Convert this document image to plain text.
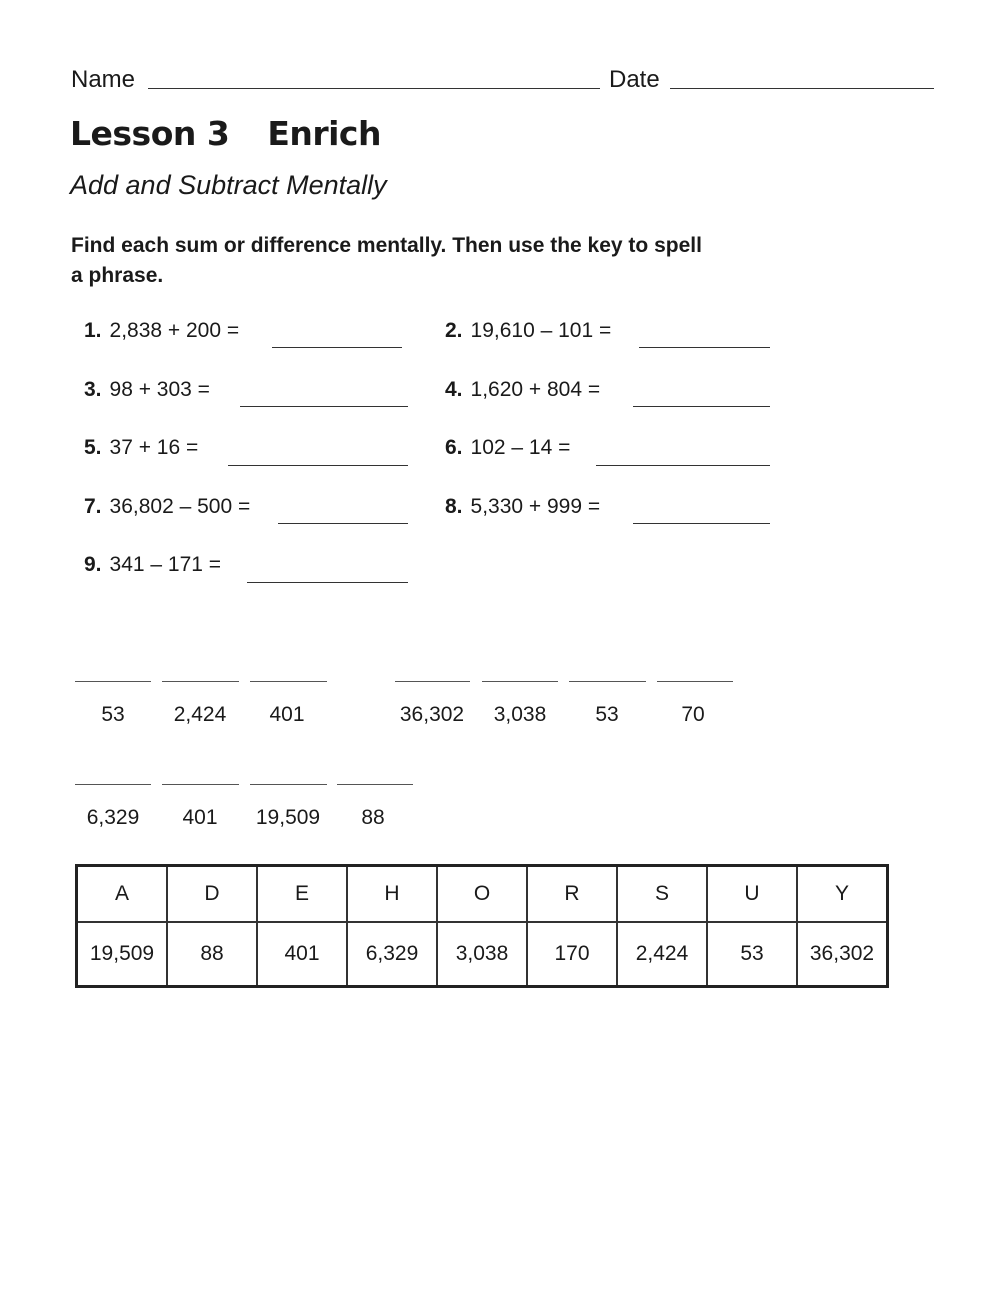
Name	Date
Lesson 3 Enrich
Add and Subtract Mentally
Find each sum or difference mentally. Then use the key to spell
a phrase.
1. 2,838 + 200 =	2. 19,610 – 101 =
3. 98 + 303 =	4. 1,620 + 804 =
5. 37 + 16 =	6. 102 – 14 =
7. 36,802 – 500 =	8. 5,330 + 999 =
9. 341 – 171 =
53	2,424	401	36,302	3,038	53	70
6,329	401	19,509	88
A	D	E	H	O	R	S	U	Y
19,509	88	401	6,329	3,038	170	2,424	53	36,302
